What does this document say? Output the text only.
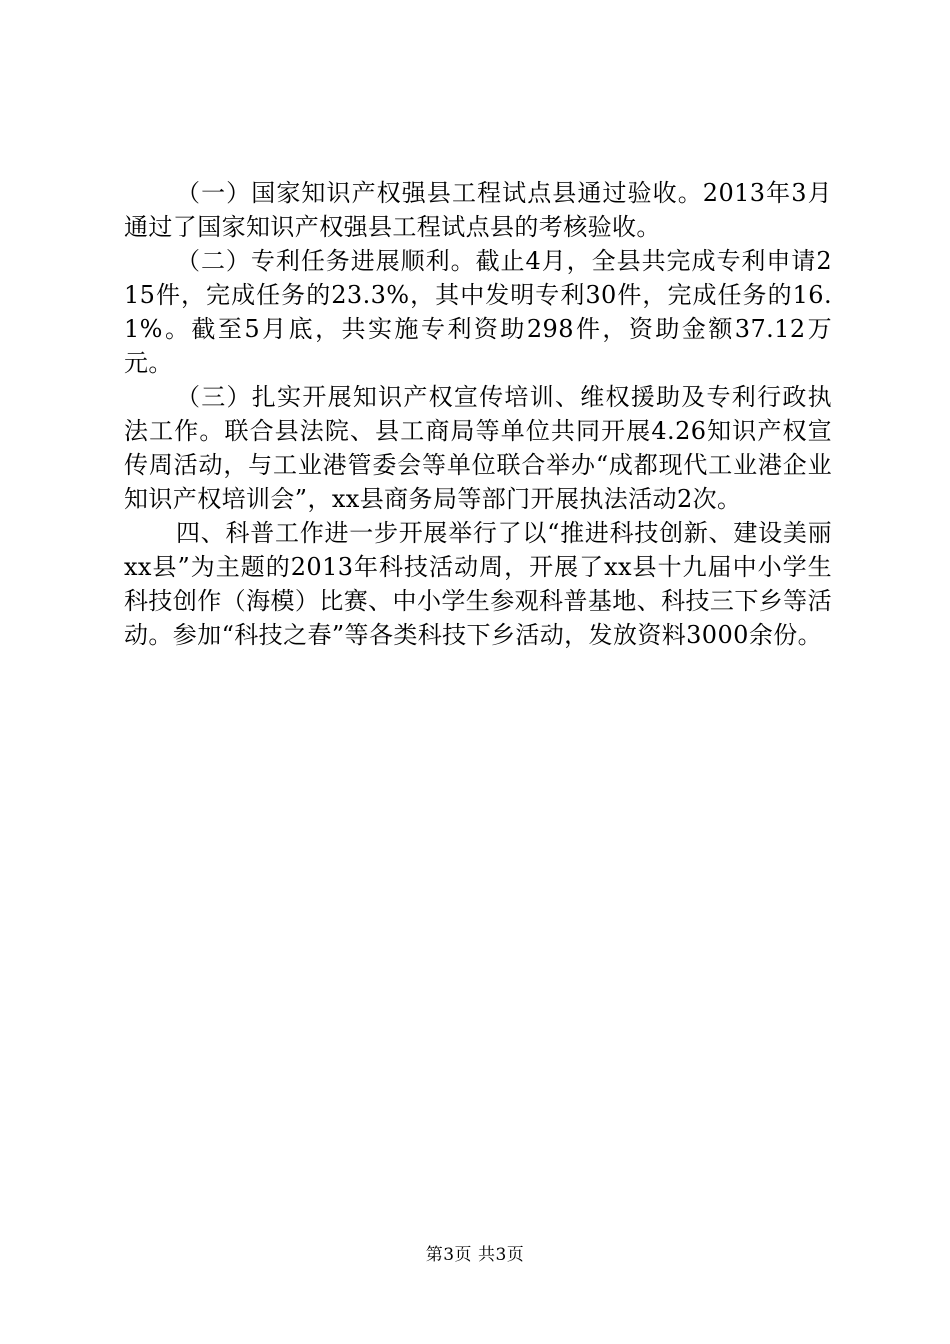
（一）国家知识产权强县工程试点县通过验收。2013年3月通过了国家知识产权强县工程试点县的考核验收。

（二）专利任务进展顺利。截止4月，全县共完成专利申请215件，完成任务的23.3%，其中发明专利30件，完成任务的16.1%。截至5月底，共实施专利资助298件，资助金额37.12万元。

（三）扎实开展知识产权宣传培训、维权援助及专利行政执法工作。联合县法院、县工商局等单位共同开展4.26知识产权宣传周活动，与工业港管委会等单位联合举办“成都现代工业港企业知识产权培训会”，xx县商务局等部门开展执法活动2次。

四、科普工作进一步开展举行了以“推进科技创新、建设美丽xx县”为主题的2013年科技活动周，开展了xx县十九届中小学生科技创作（海模）比赛、中小学生参观科普基地、科技三下乡等活动。参加“科技之春”等各类科技下乡活动，发放资料3000余份。

第3页 共3页
